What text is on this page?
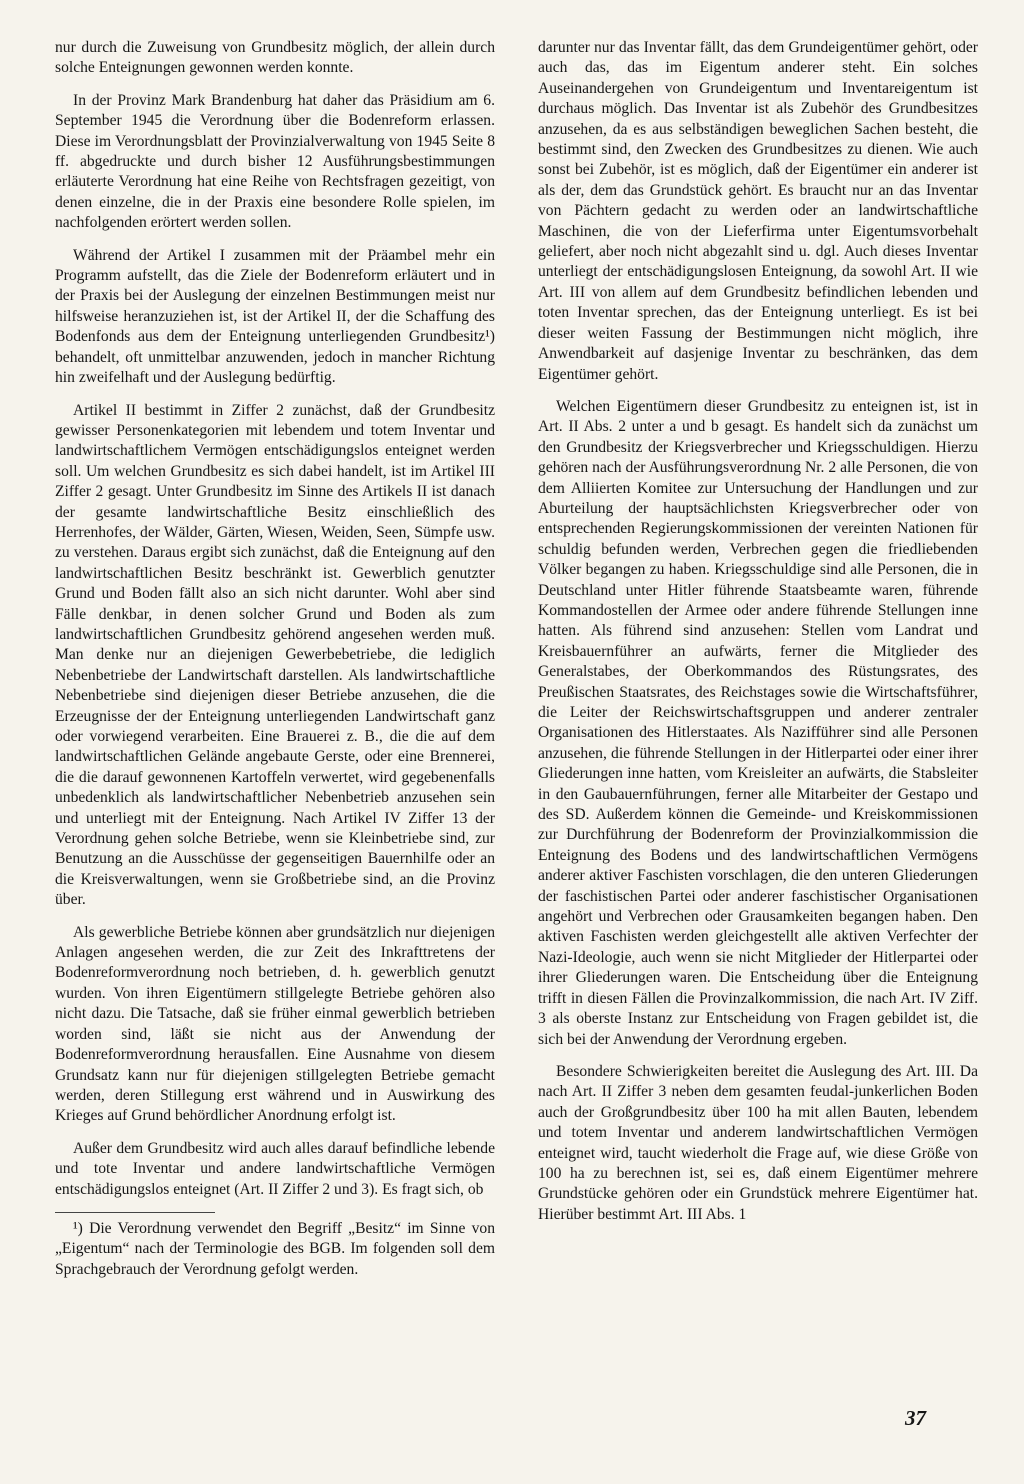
nur durch die Zuweisung von Grundbesitz möglich, der allein durch solche Enteignungen gewonnen werden konnte.

In der Provinz Mark Brandenburg hat daher das Präsidium am 6. September 1945 die Verordnung über die Bodenreform erlassen. Diese im Verordnungsblatt der Provinzialverwaltung von 1945 Seite 8 ff. abgedruckte und durch bisher 12 Ausführungsbestimmungen erläuterte Verordnung hat eine Reihe von Rechtsfragen gezeitigt, von denen einzelne, die in der Praxis eine besondere Rolle spielen, im nachfolgenden erörtert werden sollen.

Während der Artikel I zusammen mit der Präambel mehr ein Programm aufstellt, das die Ziele der Bodenreform erläutert und in der Praxis bei der Auslegung der einzelnen Bestimmungen meist nur hilfsweise heranzuziehen ist, ist der Artikel II, der die Schaffung des Bodenfonds aus dem der Enteignung unterliegenden Grundbesitz¹) behandelt, oft unmittelbar anzuwenden, jedoch in mancher Richtung hin zweifelhaft und der Auslegung bedürftig.

Artikel II bestimmt in Ziffer 2 zunächst, daß der Grundbesitz gewisser Personenkategorien mit lebendem und totem Inventar und landwirtschaftlichem Vermögen entschädigungslos enteignet werden soll. Um welchen Grundbesitz es sich dabei handelt, ist im Artikel III Ziffer 2 gesagt. Unter Grundbesitz im Sinne des Artikels II ist danach der gesamte landwirtschaftliche Besitz einschließlich des Herrenhofes, der Wälder, Gärten, Wiesen, Weiden, Seen, Sümpfe usw. zu verstehen. Daraus ergibt sich zunächst, daß die Enteignung auf den landwirtschaftlichen Besitz beschränkt ist. Gewerblich genutzter Grund und Boden fällt also an sich nicht darunter. Wohl aber sind Fälle denkbar, in denen solcher Grund und Boden als zum landwirtschaftlichen Grundbesitz gehörend angesehen werden muß. Man denke nur an diejenigen Gewerbebetriebe, die lediglich Nebenbetriebe der Landwirtschaft darstellen. Als landwirtschaftliche Nebenbetriebe sind diejenigen dieser Betriebe anzusehen, die die Erzeugnisse der der Enteignung unterliegenden Landwirtschaft ganz oder vorwiegend verarbeiten. Eine Brauerei z. B., die die auf dem landwirtschaftlichen Gelände angebaute Gerste, oder eine Brennerei, die die darauf gewonnenen Kartoffeln verwertet, wird gegebenenfalls unbedenklich als landwirtschaftlicher Nebenbetrieb anzusehen sein und unterliegt mit der Enteignung. Nach Artikel IV Ziffer 13 der Verordnung gehen solche Betriebe, wenn sie Kleinbetriebe sind, zur Benutzung an die Ausschüsse der gegenseitigen Bauernhilfe oder an die Kreisverwaltungen, wenn sie Großbetriebe sind, an die Provinz über.

Als gewerbliche Betriebe können aber grundsätzlich nur diejenigen Anlagen angesehen werden, die zur Zeit des Inkrafttretens der Bodenreformverordnung noch betrieben, d. h. gewerblich genutzt wurden. Von ihren Eigentümern stillgelegte Betriebe gehören also nicht dazu. Die Tatsache, daß sie früher einmal gewerblich betrieben worden sind, läßt sie nicht aus der Anwendung der Bodenreformverordnung herausfallen. Eine Ausnahme von diesem Grundsatz kann nur für diejenigen stillgelegten Betriebe gemacht werden, deren Stillegung erst während und in Auswirkung des Krieges auf Grund behördlicher Anordnung erfolgt ist.

Außer dem Grundbesitz wird auch alles darauf befindliche lebende und tote Inventar und andere landwirtschaftliche Vermögen entschädigungslos enteignet (Art. II Ziffer 2 und 3). Es fragt sich, ob

¹) Die Verordnung verwendet den Begriff „Besitz“ im Sinne von „Eigentum“ nach der Terminologie des BGB. Im folgenden soll dem Sprachgebrauch der Verordnung gefolgt werden.

darunter nur das Inventar fällt, das dem Grundeigentümer gehört, oder auch das, das im Eigentum anderer steht. Ein solches Auseinandergehen von Grundeigentum und Inventareigentum ist durchaus möglich. Das Inventar ist als Zubehör des Grundbesitzes anzusehen, da es aus selbständigen beweglichen Sachen besteht, die bestimmt sind, den Zwecken des Grundbesitzes zu dienen. Wie auch sonst bei Zubehör, ist es möglich, daß der Eigentümer ein anderer ist als der, dem das Grundstück gehört. Es braucht nur an das Inventar von Pächtern gedacht zu werden oder an landwirtschaftliche Maschinen, die von der Lieferfirma unter Eigentumsvorbehalt geliefert, aber noch nicht abgezahlt sind u. dgl. Auch dieses Inventar unterliegt der entschädigungslosen Enteignung, da sowohl Art. II wie Art. III von allem auf dem Grundbesitz befindlichen lebenden und toten Inventar sprechen, das der Enteignung unterliegt. Es ist bei dieser weiten Fassung der Bestimmungen nicht möglich, ihre Anwendbarkeit auf dasjenige Inventar zu beschränken, das dem Eigentümer gehört.

Welchen Eigentümern dieser Grundbesitz zu enteignen ist, ist in Art. II Abs. 2 unter a und b gesagt. Es handelt sich da zunächst um den Grundbesitz der Kriegsverbrecher und Kriegsschuldigen. Hierzu gehören nach der Ausführungsverordnung Nr. 2 alle Personen, die von dem Alliierten Komitee zur Untersuchung der Handlungen und zur Aburteilung der hauptsächlichsten Kriegsverbrecher oder von entsprechenden Regierungskommissionen der vereinten Nationen für schuldig befunden werden, Verbrechen gegen die friedliebenden Völker begangen zu haben. Kriegsschuldige sind alle Personen, die in Deutschland unter Hitler führende Staatsbeamte waren, führende Kommandostellen der Armee oder andere führende Stellungen inne hatten. Als führend sind anzusehen: Stellen vom Landrat und Kreisbauernführer an aufwärts, ferner die Mitglieder des Generalstabes, der Oberkommandos des Rüstungsrates, des Preußischen Staatsrates, des Reichstages sowie die Wirtschaftsführer, die Leiter der Reichswirtschaftsgruppen und anderer zentraler Organisationen des Hitlerstaates. Als Nazifführer sind alle Personen anzusehen, die führende Stellungen in der Hitlerpartei oder einer ihrer Gliederungen inne hatten, vom Kreisleiter an aufwärts, die Stabsleiter in den Gaubauernführungen, ferner alle Mitarbeiter der Gestapo und des SD. Außerdem können die Gemeinde- und Kreiskommissionen zur Durchführung der Bodenreform der Provinzialkommission die Enteignung des Bodens und des landwirtschaftlichen Vermögens anderer aktiver Faschisten vorschlagen, die den unteren Gliederungen der faschistischen Partei oder anderer faschistischer Organisationen angehört und Verbrechen oder Grausamkeiten begangen haben. Den aktiven Faschisten werden gleichgestellt alle aktiven Verfechter der Nazi-Ideologie, auch wenn sie nicht Mitglieder der Hitlerpartei oder ihrer Gliederungen waren. Die Entscheidung über die Enteignung trifft in diesen Fällen die Provinzalkommission, die nach Art. IV Ziff. 3 als oberste Instanz zur Entscheidung von Fragen gebildet ist, die sich bei der Anwendung der Verordnung ergeben.

Besondere Schwierigkeiten bereitet die Auslegung des Art. III. Da nach Art. II Ziffer 3 neben dem gesamten feudal-junkerlichen Boden auch der Großgrundbesitz über 100 ha mit allen Bauten, lebendem und totem Inventar und anderem landwirtschaftlichen Vermögen enteignet wird, taucht wiederholt die Frage auf, wie diese Größe von 100 ha zu berechnen ist, sei es, daß einem Eigentümer mehrere Grundstücke gehören oder ein Grundstück mehrere Eigentümer hat. Hierüber bestimmt Art. III Abs. 1

37
